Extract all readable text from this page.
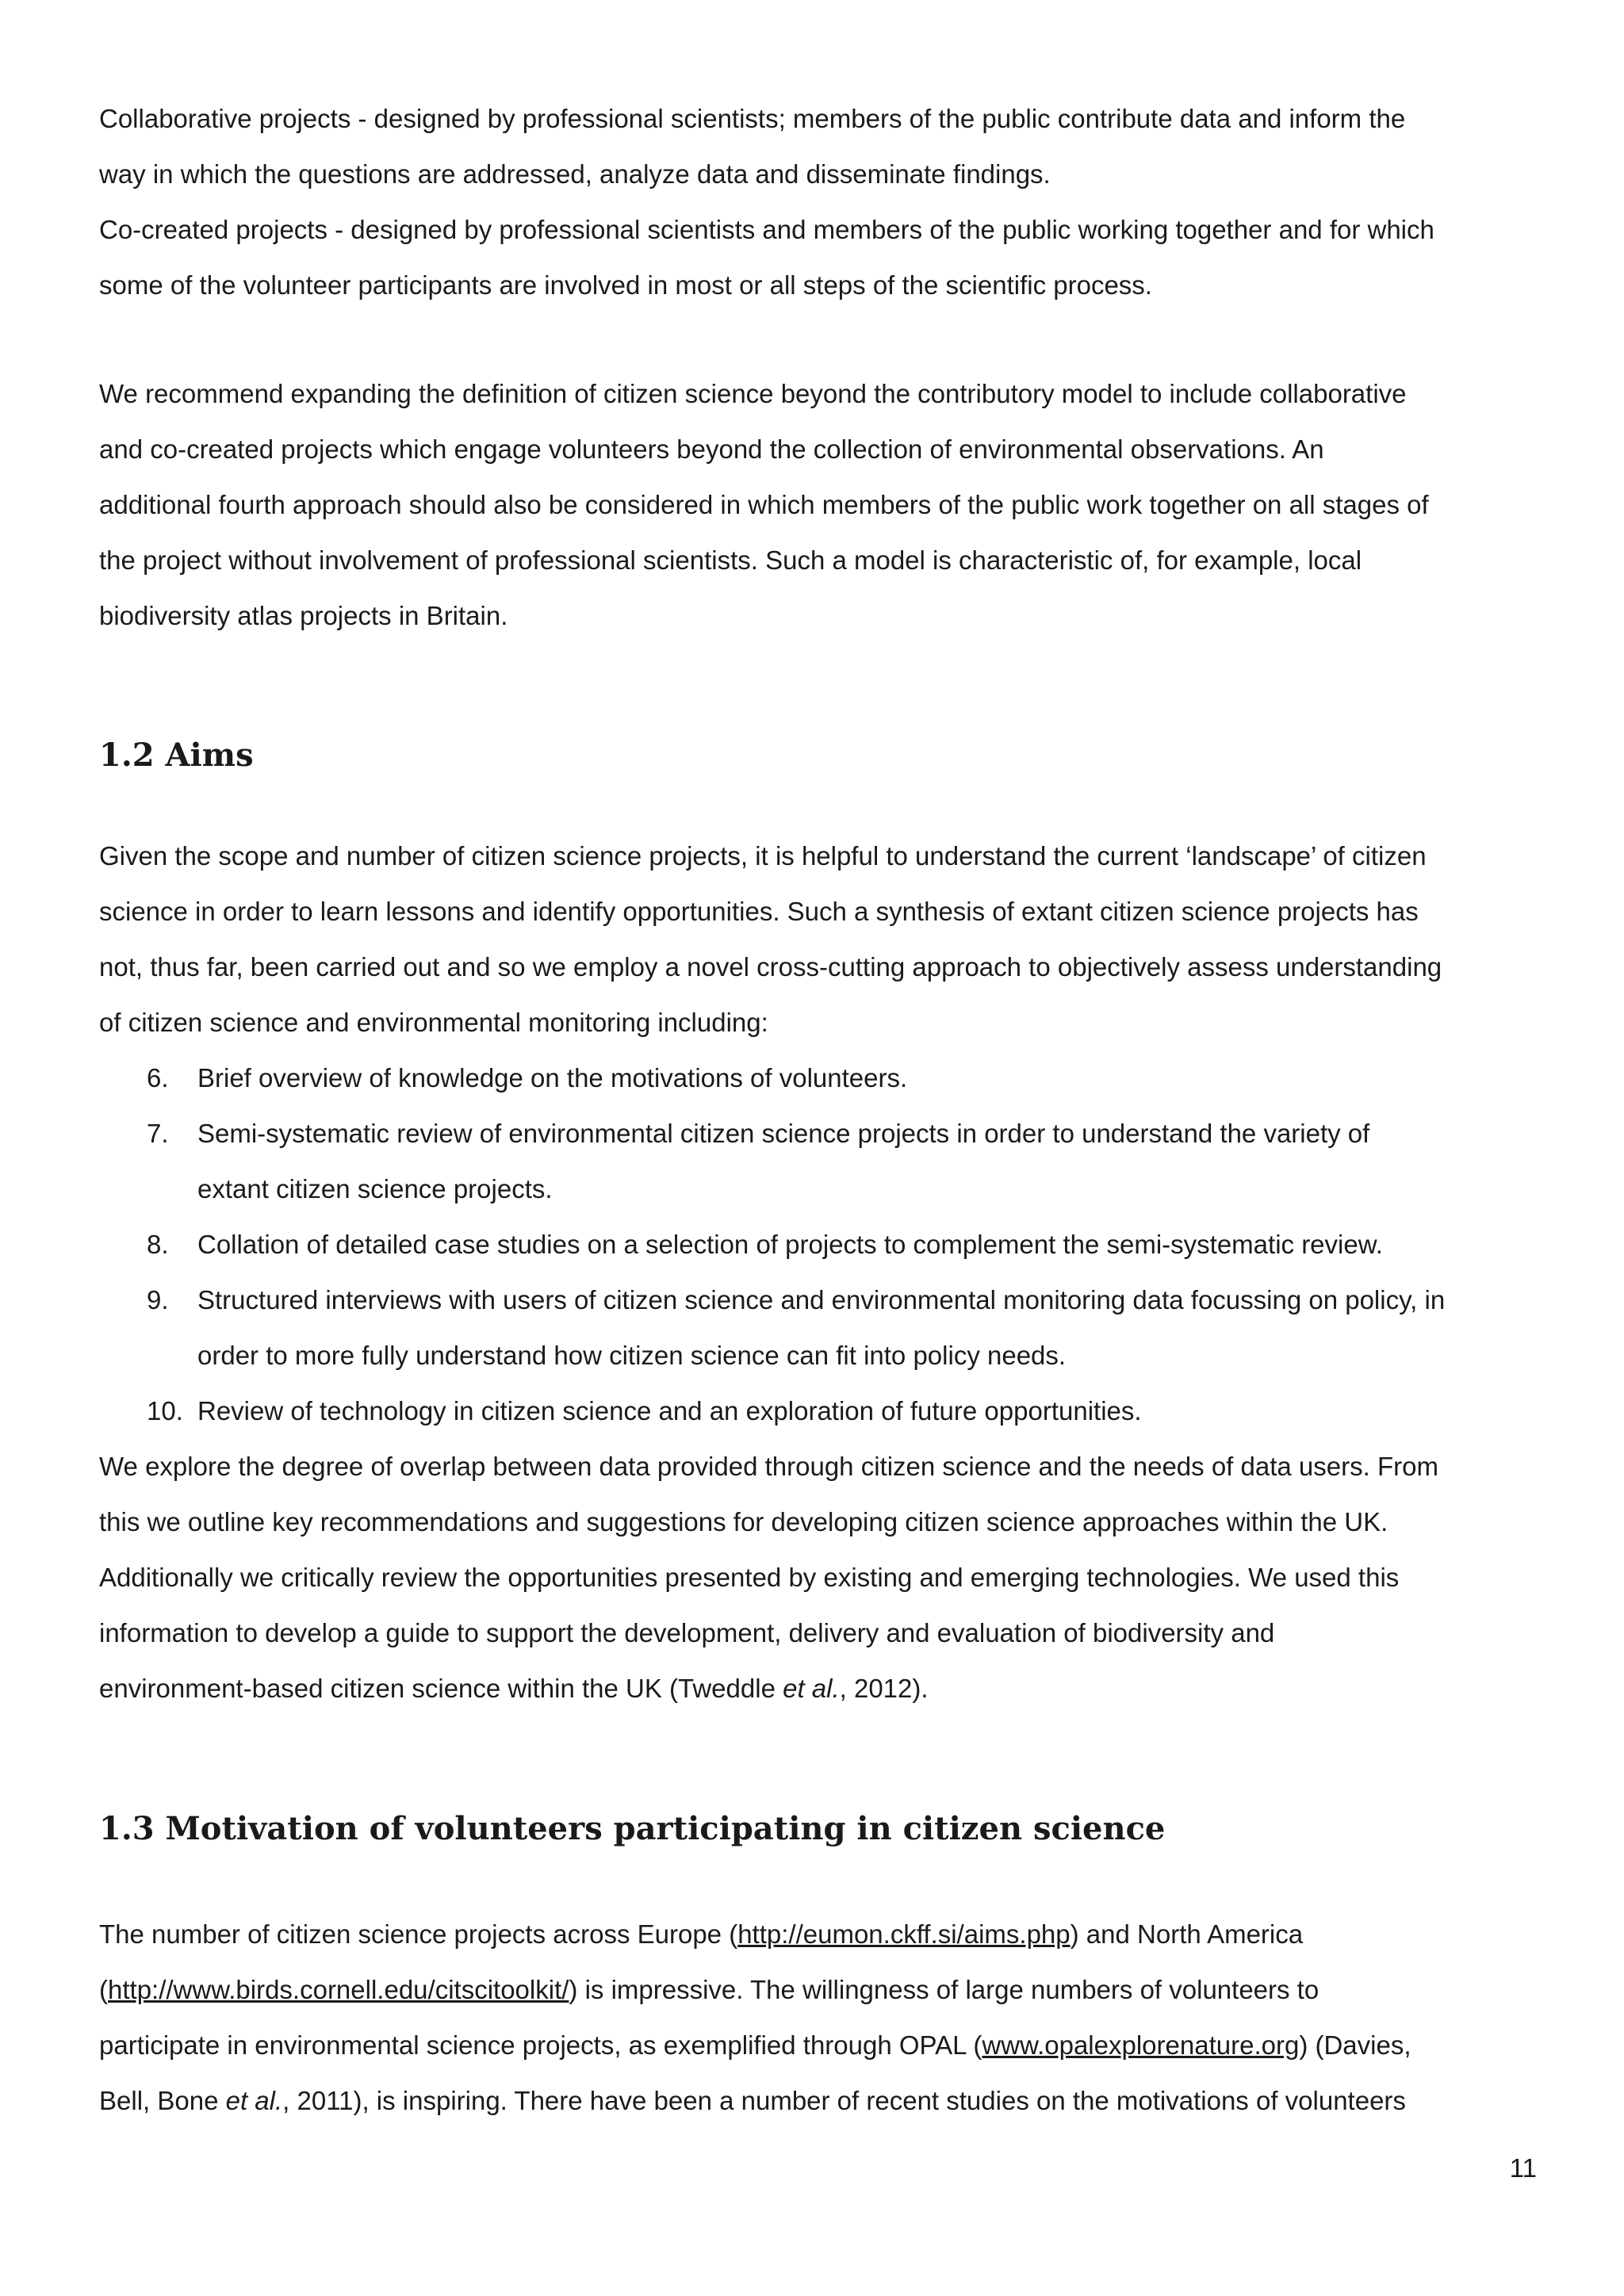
Collaborative projects - designed by professional scientists; members of the public contribute data and inform the
way in which the questions are addressed, analyze data and disseminate findings.
Co-created projects - designed by professional scientists and members of the public working together and for which
some of the volunteer participants are involved in most or all steps of the scientific process.
We recommend expanding the definition of citizen science beyond the contributory model to include collaborative
and co-created projects which engage volunteers beyond the collection of environmental observations. An
additional fourth approach should also be considered in which members of the public work together on all stages of
the project without involvement of professional scientists. Such a model is characteristic of, for example, local
biodiversity atlas projects in Britain.
1.2 Aims
Given the scope and number of citizen science projects, it is helpful to understand the current ‘landscape’ of citizen
science in order to learn lessons and identify opportunities. Such a synthesis of extant citizen science projects has
not, thus far, been carried out and so we employ a novel cross-cutting approach to objectively assess understanding
of citizen science and environmental monitoring including:
6.	Brief overview of knowledge on the motivations of volunteers.
7.	Semi-systematic review of environmental citizen science projects in order to understand the variety of
extant citizen science projects.
8.	Collation of detailed case studies on a selection of projects to complement the semi-systematic review.
9.	Structured interviews with users of citizen science and environmental monitoring data focussing on policy, in
order to more fully understand how citizen science can fit into policy needs.
10. Review of technology in citizen science and an exploration of future opportunities.
We explore the degree of overlap between data provided through citizen science and the needs of data users. From
this we outline key recommendations and suggestions for developing citizen science approaches within the UK.
Additionally we critically review the opportunities presented by existing and emerging technologies. We used this
information to develop a guide to support the development, delivery and evaluation of biodiversity and
environment-based citizen science within the UK (Tweddle et al., 2012).
1.3 Motivation of volunteers participating in citizen science
The number of citizen science projects across Europe (http://eumon.ckff.si/aims.php) and North America
(http://www.birds.cornell.edu/citscitoolkit/) is impressive. The willingness of large numbers of volunteers to
participate in environmental science projects, as exemplified through OPAL (www.opalexplorenature.org) (Davies,
Bell, Bone et al., 2011), is inspiring. There have been a number of recent studies on the motivations of volunteers
11
